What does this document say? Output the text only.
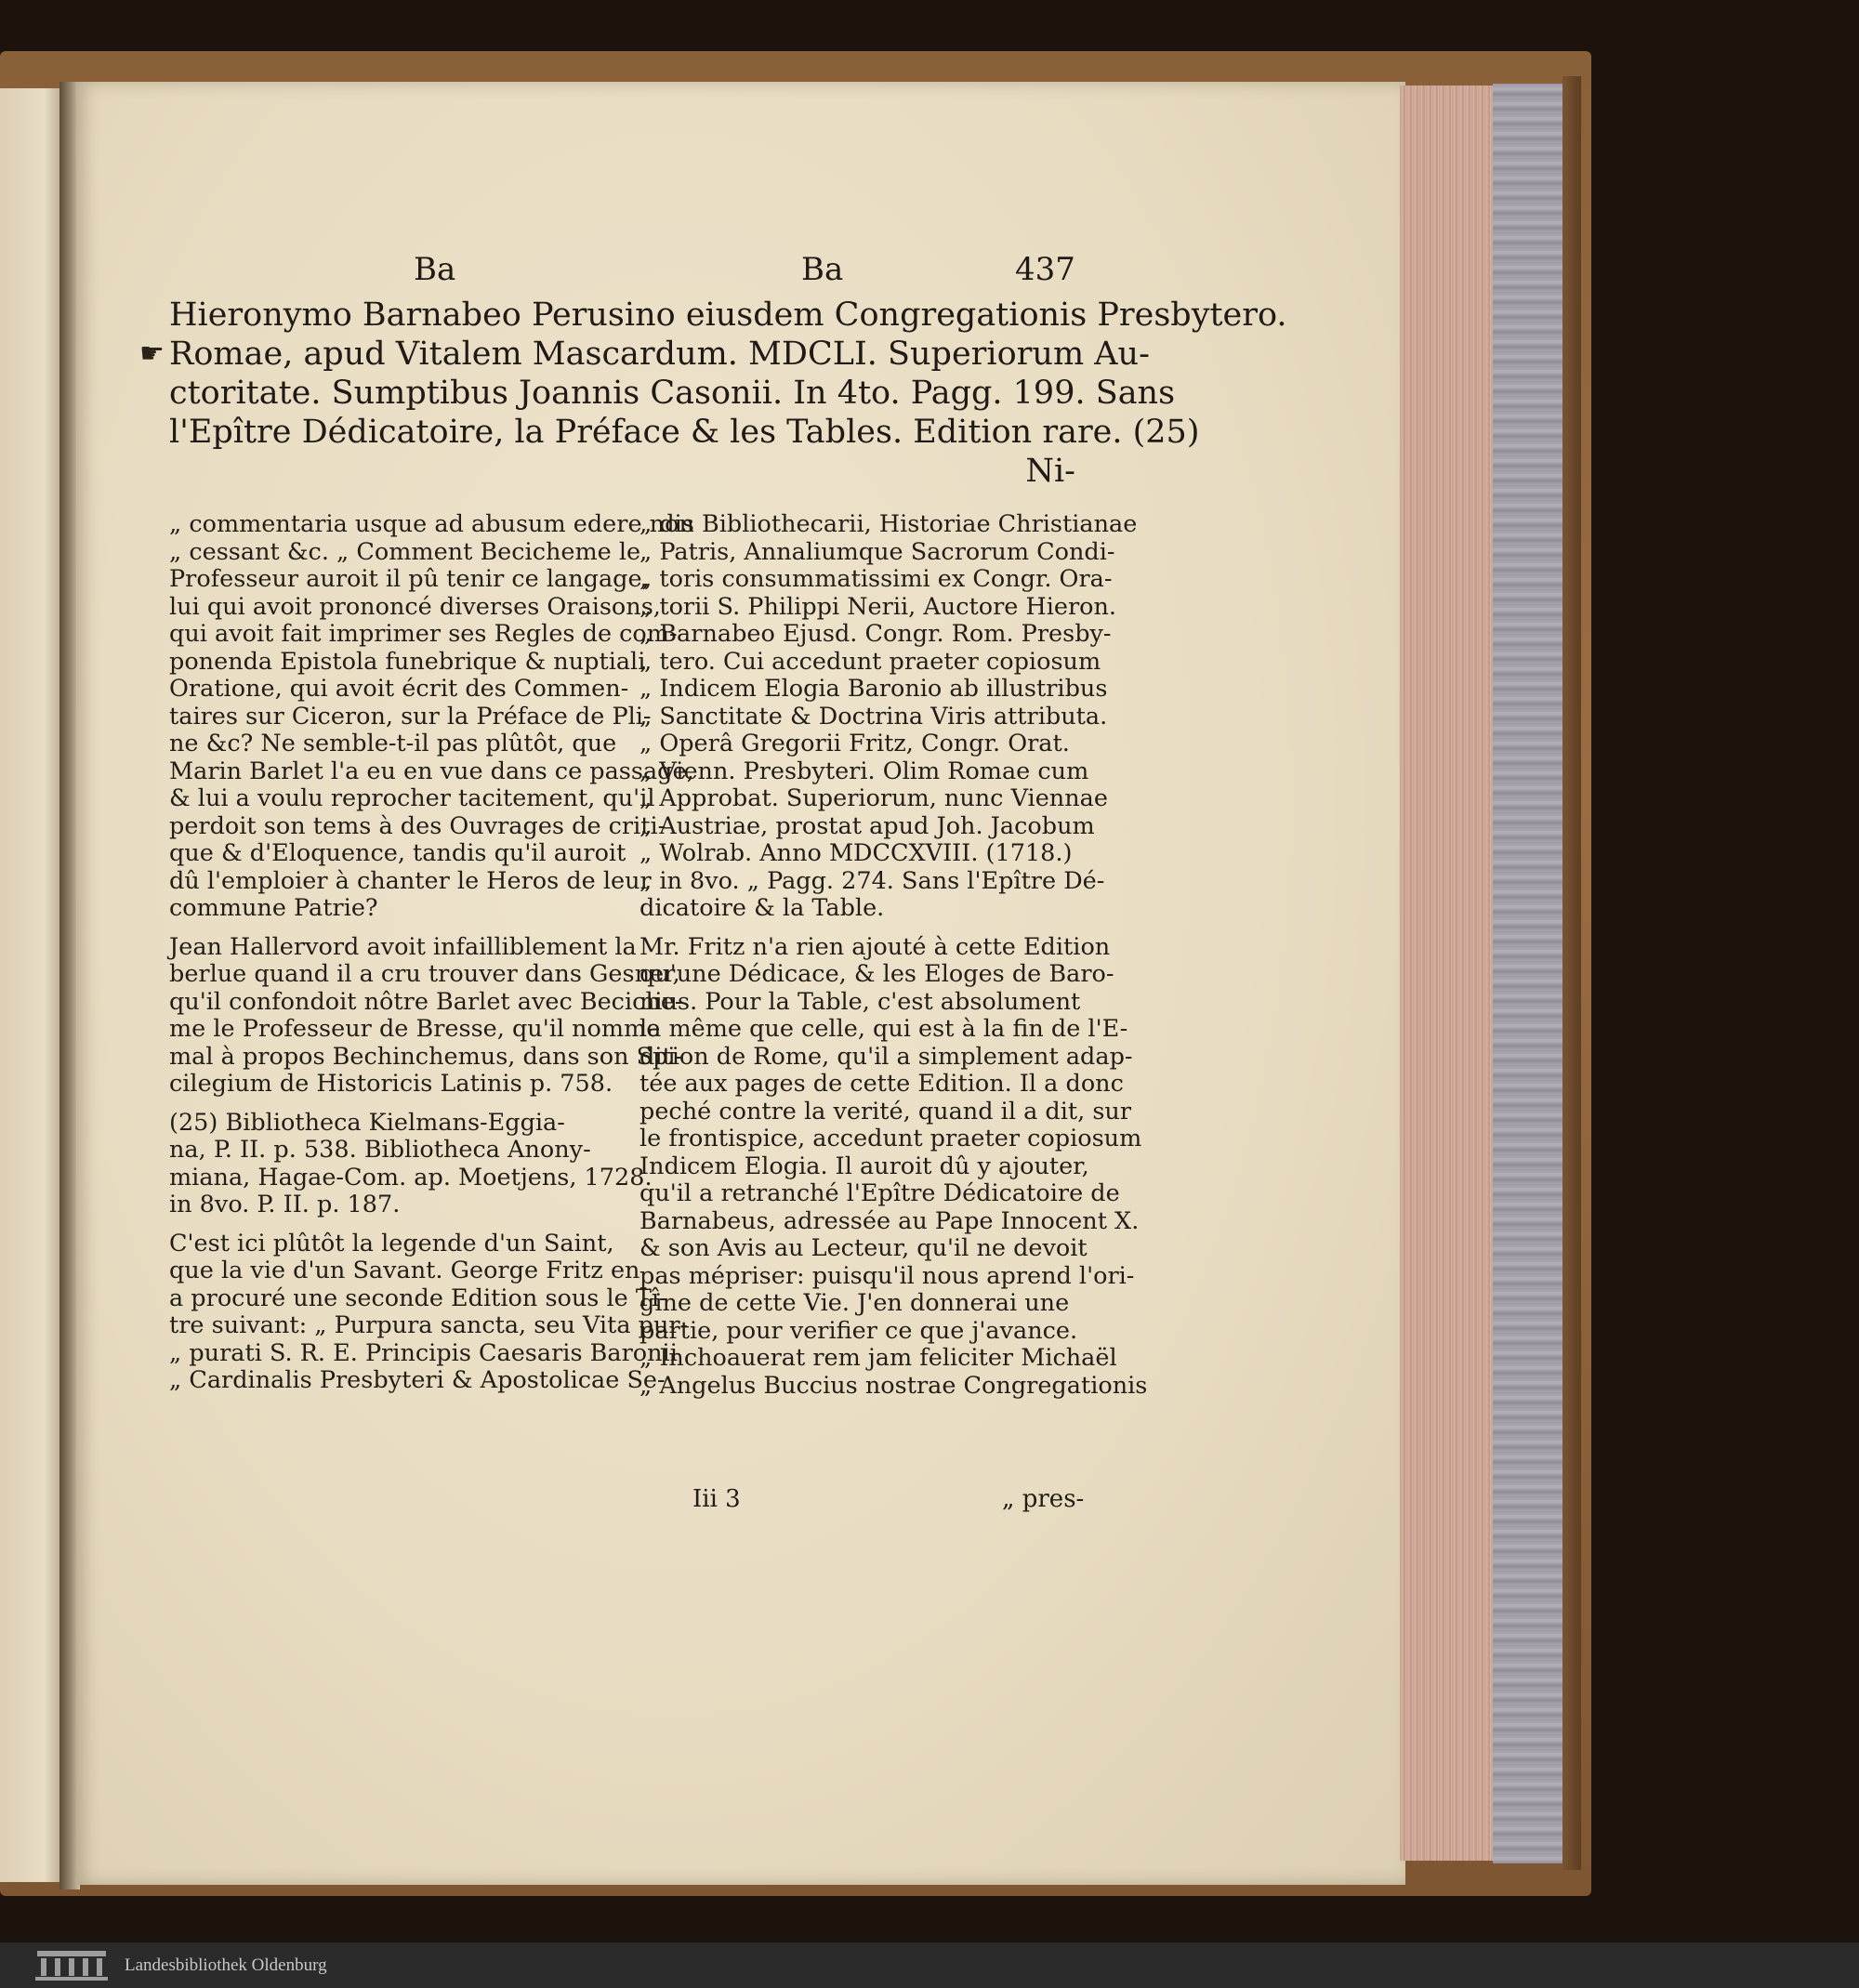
Ba	Ba	437
☛
Hieronymo Barnabeo Perusino eiusdem Congregationis Presbytero.
Romae, apud Vitalem Mascardum. MDCLI. Superiorum Au-
ctoritate. Sumptibus Joannis Casonii. In 4to. Pagg. 199. Sans
l'Epître Dédicatoire, la Préface & les Tables. Edition rare. (25)
Ni-
„ commentaria usque ad abusum edere non
„ cessant &c. „ Comment Becicheme le
Professeur auroit il pû tenir ce langage,
lui qui avoit prononcé diverses Oraisons,
qui avoit fait imprimer ses Regles de com-
ponenda Epistola funebrique & nuptiali
Oratione, qui avoit écrit des Commen-
taires sur Ciceron, sur la Préface de Pli-
ne &c? Ne semble-t-il pas plûtôt, que
Marin Barlet l'a eu en vue dans ce passage,
& lui a voulu reprocher tacitement, qu'il
perdoit son tems à des Ouvrages de criti-
que & d'Eloquence, tandis qu'il auroit
dû l'emploier à chanter le Heros de leur
commune Patrie?
Jean Hallervord avoit infailliblement la
berlue quand il a cru trouver dans Gesner,
qu'il confondoit nôtre Barlet avec Beciche-
me le Professeur de Bresse, qu'il nomme
mal à propos Bechinchemus, dans son Spi-
cilegium de Historicis Latinis p. 758.
(25) Bibliotheca Kielmans-Eggia-
na, P. II. p. 538. Bibliotheca Anony-
miana, Hagae-Com. ap. Moetjens, 1728.
in 8vo. P. II. p. 187.
C'est ici plûtôt la legende d'un Saint,
que la vie d'un Savant. George Fritz en
a procuré une seconde Edition sous le Tî-
tre suivant: „ Purpura sancta, seu Vita pur-
„ purati S. R. E. Principis Caesaris Baronii
„ Cardinalis Presbyteri & Apostolicae Se-
„ dis Bibliothecarii, Historiae Christianae
„ Patris, Annaliumque Sacrorum Condi-
„ toris consummatissimi ex Congr. Ora-
„ torii S. Philippi Nerii, Auctore Hieron.
„ Barnabeo Ejusd. Congr. Rom. Presby-
„ tero. Cui accedunt praeter copiosum
„ Indicem Elogia Baronio ab illustribus
„ Sanctitate & Doctrina Viris attributa.
„ Operâ Gregorii Fritz, Congr. Orat.
„ Vienn. Presbyteri. Olim Romae cum
„ Approbat. Superiorum, nunc Viennae
„ Austriae, prostat apud Joh. Jacobum
„ Wolrab. Anno MDCCXVIII. (1718.)
„ in 8vo. „ Pagg. 274. Sans l'Epître Dé-
dicatoire & la Table.
Mr. Fritz n'a rien ajouté à cette Edition
qu'une Dédicace, & les Eloges de Baro-
nius. Pour la Table, c'est absolument
la même que celle, qui est à la fin de l'E-
dition de Rome, qu'il a simplement adap-
tée aux pages de cette Edition. Il a donc
peché contre la verité, quand il a dit, sur
le frontispice, accedunt praeter copiosum
Indicem Elogia. Il auroit dû y ajouter,
qu'il a retranché l'Epître Dédicatoire de
Barnabeus, adressée au Pape Innocent X.
& son Avis au Lecteur, qu'il ne devoit
pas mépriser: puisqu'il nous aprend l'ori-
gine de cette Vie. J'en donnerai une
partie, pour verifier ce que j'avance.
„ Inchoauerat rem jam feliciter Michaël
„ Angelus Buccius nostrae Congregationis
Iii 3	„ pres-
Landesbibliothek Oldenburg
